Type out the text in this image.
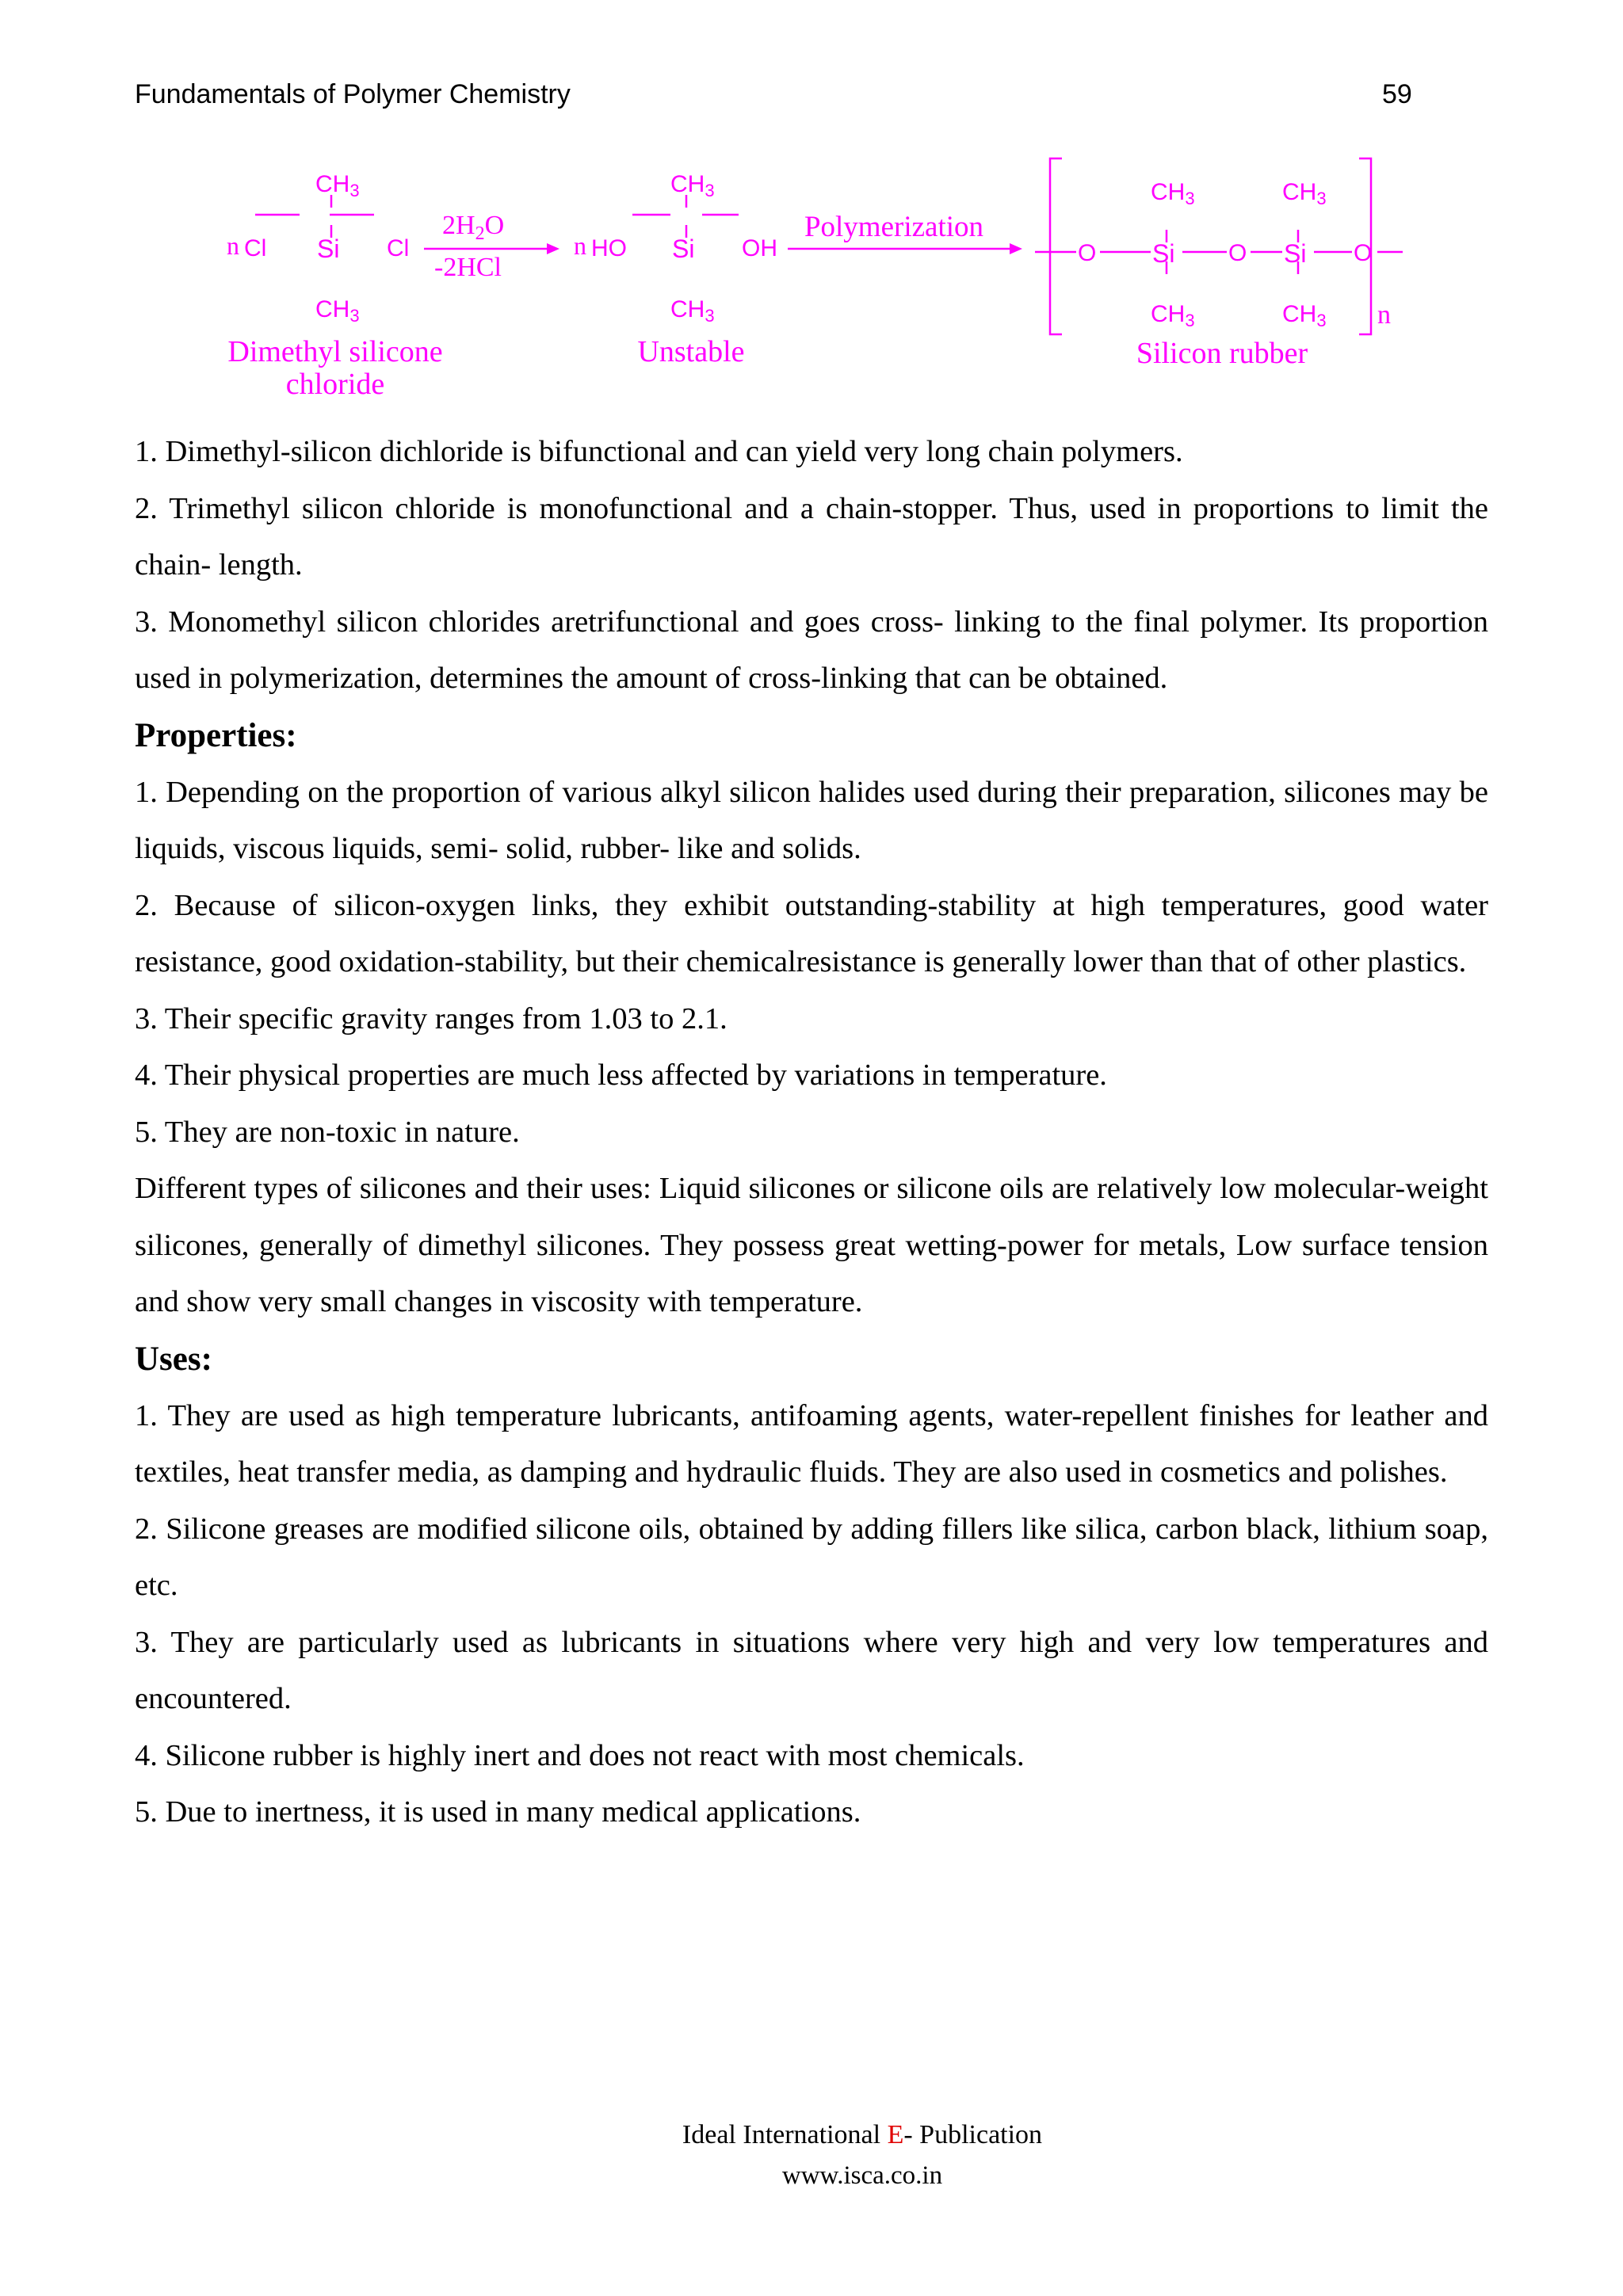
Fundamentals of Polymer Chemistry	59
$CH_3$
$CH_3$
n Cl Si Cl
$2H_2O$
-2HCl
Dimethyl silicone
chloride
$CH_3$
$CH_3$
n HO Si OH
Polymerization
Unstable
$CH_3$
$CH_3$
$CH_3$
$CH_3$
O Si O Si O
n
Silicon rubber

1. Dimethyl-silicon dichloride is bifunctional and can yield very long chain polymers.

2. Trimethyl silicon chloride is monofunctional and a chain-stopper. Thus, used in proportions to limit the chain- length.

3. Monomethyl silicon chlorides aretrifunctional and goes cross- linking to the final polymer. Its proportion used in polymerization, determines the amount of cross-linking that can be obtained.

Properties:

1. Depending on the proportion of various alkyl silicon halides used during their preparation, silicones may be liquids, viscous liquids, semi- solid, rubber- like and solids.

2. Because of silicon-oxygen links, they exhibit outstanding-stability at high temperatures, good water resistance, good oxidation-stability, but their chemicalresistance is generally lower than that of other plastics.

3. Their specific gravity ranges from 1.03 to 2.1.

4. Their physical properties are much less affected by variations in temperature.

5. They are non-toxic in nature.

Different types of silicones and their uses: Liquid silicones or silicone oils are relatively low molecular-weight silicones, generally of dimethyl silicones. They possess great wetting-power for metals, Low surface tension and show very small changes in viscosity with temperature.

Uses:

1. They are used as high temperature lubricants, antifoaming agents, water-repellent finishes for leather and textiles, heat transfer media, as damping and hydraulic fluids. They are also used in cosmetics and polishes.

2. Silicone greases are modified silicone oils, obtained by adding fillers like silica, carbon black, lithium soap, etc.

3. They are particularly used as lubricants in situations where very high and very low temperatures and encountered.

4. Silicone rubber is highly inert and does not react with most chemicals.

5. Due to inertness, it is used in many medical applications.

Ideal International E- Publication
www.isca.co.in
